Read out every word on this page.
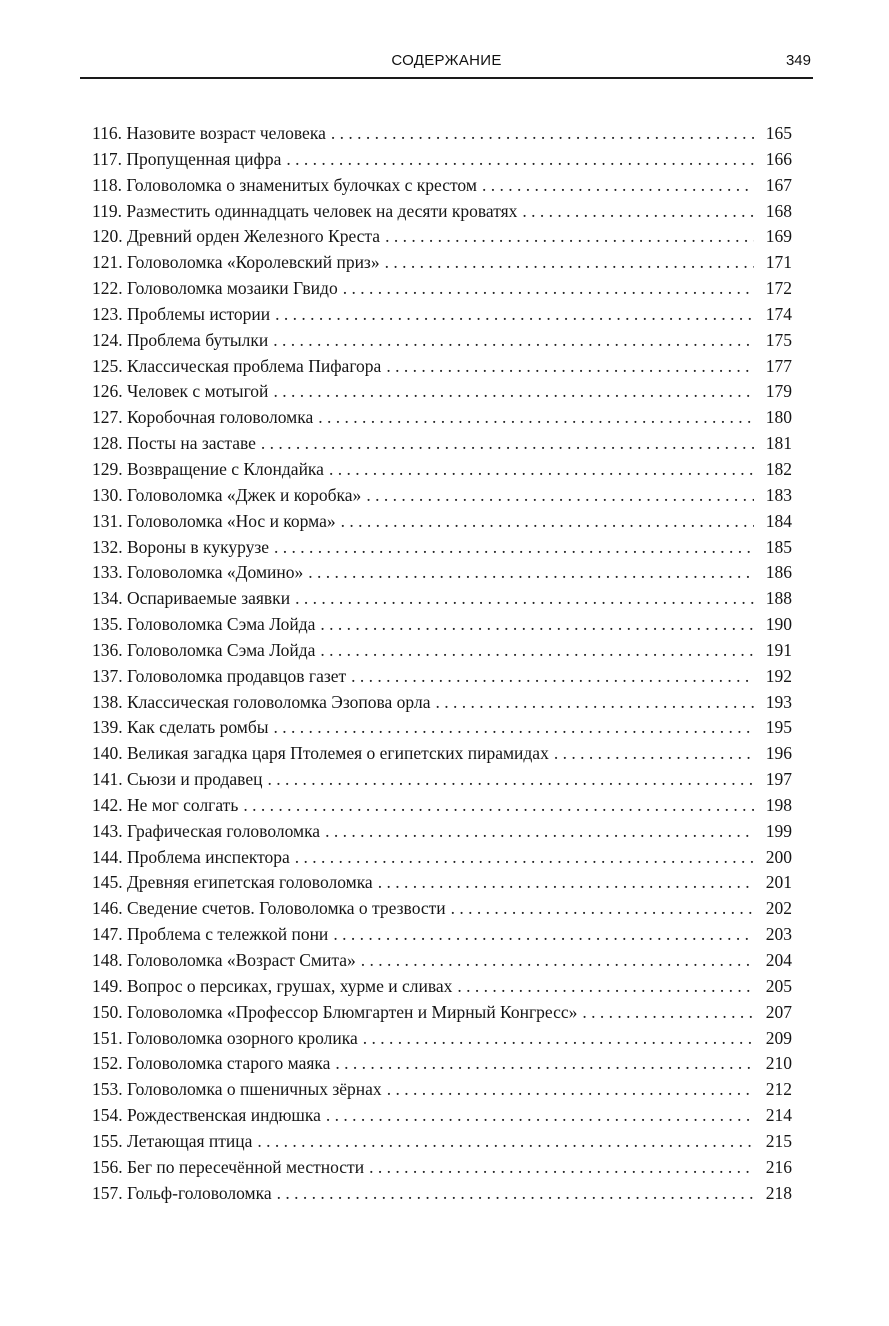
СОДЕРЖАНИЕ	349
116. Назовите возраст человека . . .	165
117. Пропущенная цифра . . .	166
118. Головоломка о знаменитых булочках с крестом . . .	167
119. Разместить одиннадцать человек на десяти кроватях . . .	168
120. Древний орден Железного Креста . . .	169
121. Головоломка «Королевский приз» . . .	171
122. Головоломка мозаики Гвидо . . .	172
123. Проблемы истории . . .	174
124. Проблема бутылки . . .	175
125. Классическая проблема Пифагора . . .	177
126. Человек с мотыгой . . .	179
127. Коробочная головоломка . . .	180
128. Посты на заставе . . .	181
129. Возвращение с Клондайка . . .	182
130. Головоломка «Джек и коробка» . . .	183
131. Головоломка «Нос и корма» . . .	184
132. Вороны в кукурузе . . .	185
133. Головоломка «Домино» . . .	186
134. Оспариваемые заявки . . .	188
135. Головоломка Сэма Лойда . . .	190
136. Головоломка Сэма Лойда . . .	191
137. Головоломка продавцов газет . . .	192
138. Классическая головоломка Эзопова орла . . .	193
139. Как сделать ромбы . . .	195
140. Великая загадка царя Птолемея о египетских пирамидах . . .	196
141. Сьюзи и продавец . . .	197
142. Не мог солгать . . .	198
143. Графическая головоломка . . .	199
144. Проблема инспектора . . .	200
145. Древняя египетская головоломка . . .	201
146. Сведение счетов. Головоломка о трезвости . . .	202
147. Проблема с тележкой пони . . .	203
148. Головоломка «Возраст Смита» . . .	204
149. Вопрос о персиках, грушах, хурме и сливах . . .	205
150. Головоломка «Профессор Блюмгартен и Мирный Конгресс» . . .	207
151. Головоломка озорного кролика . . .	209
152. Головоломка старого маяка . . .	210
153. Головоломка о пшеничных зёрнах . . .	212
154. Рождественская индюшка . . .	214
155. Летающая птица . . .	215
156. Бег по пересечённой местности . . .	216
157. Гольф-головоломка . . .	218
